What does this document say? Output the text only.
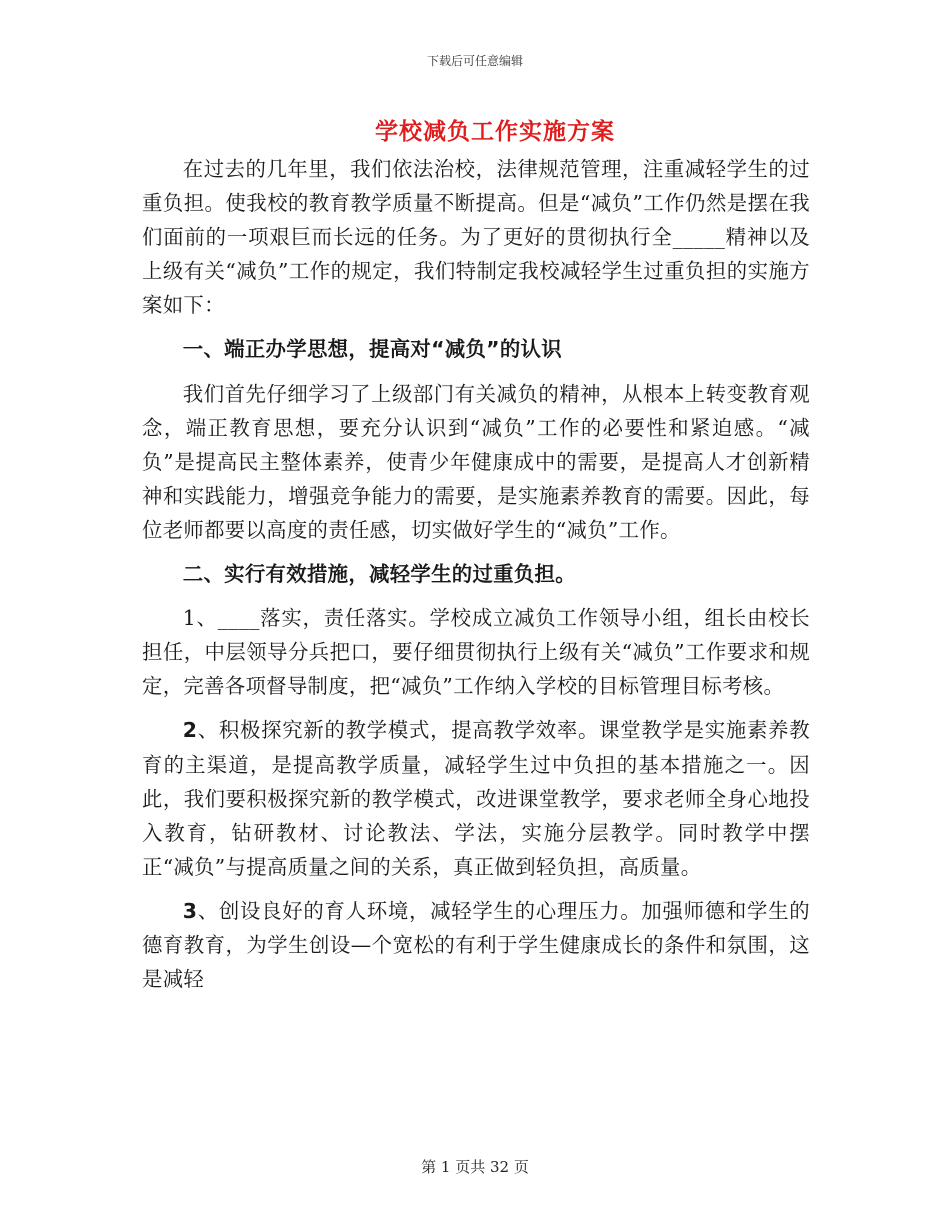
下载后可任意编辑
学校减负工作实施方案

在过去的几年里，我们依法治校，法律规范管理，注重减轻学生的过重负担。使我校的教育教学质量不断提高。但是“减负”工作仍然是摆在我们面前的一项艰巨而长远的任务。为了更好的贯彻执行全_____精神以及上级有关“减负”工作的规定，我们特制定我校减轻学生过重负担的实施方案如下：

一、端正办学思想，提高对“减负”的认识

我们首先仔细学习了上级部门有关减负的精神，从根本上转变教育观念，端正教育思想，要充分认识到“减负”工作的必要性和紧迫感。“减负”是提高民主整体素养，使青少年健康成中的需要，是提高人才创新精神和实践能力，增强竞争能力的需要，是实施素养教育的需要。因此，每位老师都要以高度的责任感，切实做好学生的“减负”工作。

二、实行有效措施，减轻学生的过重负担。

1、____落实，责任落实。学校成立减负工作领导小组，组长由校长担任，中层领导分兵把口，要仔细贯彻执行上级有关“减负”工作要求和规定，完善各项督导制度，把“减负”工作纳入学校的目标管理目标考核。

2、积极探究新的教学模式，提高教学效率。课堂教学是实施素养教育的主渠道，是提高教学质量，减轻学生过中负担的基本措施之一。因此，我们要积极探究新的教学模式，改进课堂教学，要求老师全身心地投入教育，钻研教材、讨论教法、学法，实施分层教学。同时教学中摆正“减负”与提高质量之间的关系，真正做到轻负担，高质量。

3、创设良好的育人环境，减轻学生的心理压力。加强师德和学生的德育教育，为学生创设—个宽松的有利于学生健康成长的条件和氛围，这是减轻

第 1 页共 32 页
